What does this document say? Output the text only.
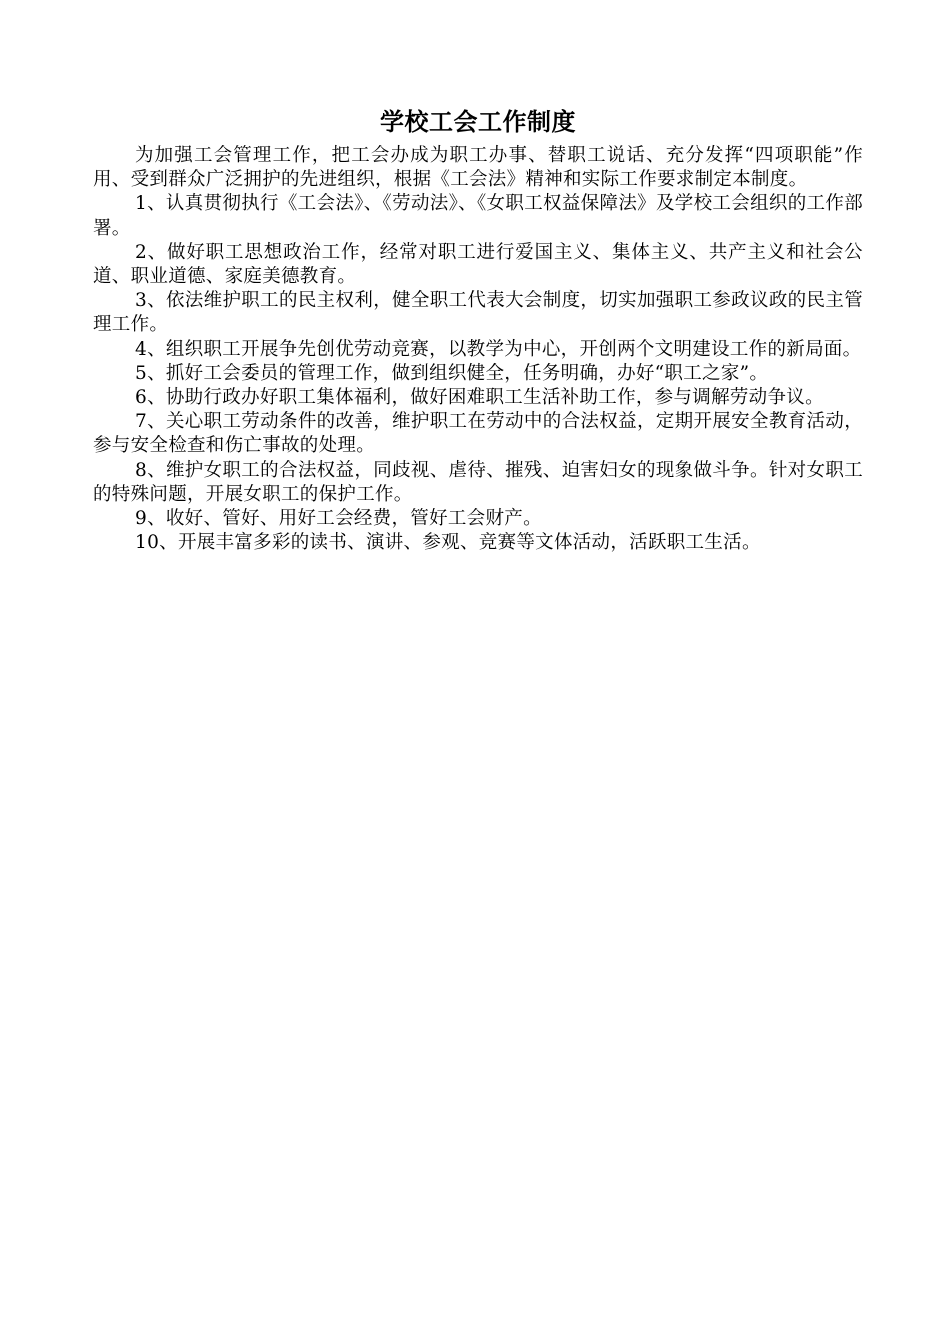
学校工会工作制度

为加强工会管理工作，把工会办成为职工办事、替职工说话、充分发挥“四项职能”作用、受到群众广泛拥护的先进组织，根据《工会法》精神和实际工作要求制定本制度。

1、认真贯彻执行《工会法》、《劳动法》、《女职工权益保障法》及学校工会组织的工作部署。

2、做好职工思想政治工作，经常对职工进行爱国主义、集体主义、共产主义和社会公道、职业道德、家庭美德教育。

3、依法维护职工的民主权利，健全职工代表大会制度，切实加强职工参政议政的民主管理工作。

4、组织职工开展争先创优劳动竞赛，以教学为中心，开创两个文明建设工作的新局面。

5、抓好工会委员的管理工作，做到组织健全，任务明确，办好“职工之家”。

6、协助行政办好职工集体福利，做好困难职工生活补助工作，参与调解劳动争议。

7、关心职工劳动条件的改善，维护职工在劳动中的合法权益，定期开展安全教育活动，参与安全检查和伤亡事故的处理。

8、维护女职工的合法权益，同歧视、虐待、摧残、迫害妇女的现象做斗争。针对女职工的特殊问题，开展女职工的保护工作。

9、收好、管好、用好工会经费，管好工会财产。

10、开展丰富多彩的读书、演讲、参观、竞赛等文体活动，活跃职工生活。
